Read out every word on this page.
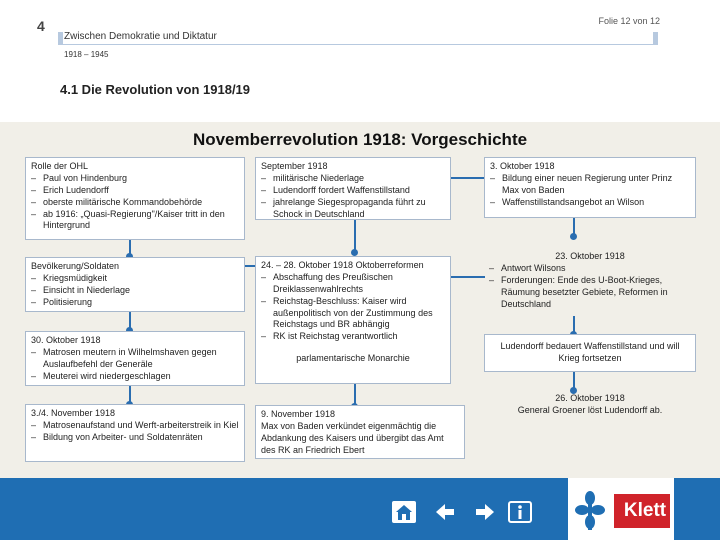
4	Folie 12 von 12
Zwischen Demokratie und Diktatur
1918 – 1945
4.1 Die Revolution von 1918/19
Novemberrevolution 1918: Vorgeschichte
Rolle der OHL
– Paul von Hindenburg
– Erich Ludendorff
– oberste militärische Kommandobehörde
– ab 1916: „Quasi-Regierung"/Kaiser tritt in den Hintergrund
September 1918
– militärische Niederlage
– Ludendorff fordert Waffenstillstand
– jahrelange Siegespropaganda führt zu Schock in Deutschland
3. Oktober 1918
– Bildung einer neuen Regierung unter Prinz Max von Baden
– Waffenstillstandsangebot an Wilson
Bevölkerung/Soldaten
– Kriegsmüdigkeit
– Einsicht in Niederlage
– Politisierung
24. – 28. Oktober 1918 Oktoberreformen
– Abschaffung des Preußischen Dreiklassenwahlrechts
– Reichstag-Beschluss: Kaiser wird außenpolitisch von der Zustimmung des Reichstags und BR abhängig
– RK ist Reichstag verantwortlich
parlamentarische Monarchie
23. Oktober 1918
– Antwort Wilsons
– Forderungen: Ende des U-Boot-Krieges, Räumung besetzter Gebiete, Reformen in Deutschland
Ludendorff bedauert Waffenstillstand und will Krieg fortsetzen
30. Oktober 1918
– Matrosen meutern in Wilhelmshaven gegen Auslaufbefehl der Generäle
– Meuterei wird niedergeschlagen
26. Oktober 1918
General Groener löst Ludendorff ab.
3./4. November 1918
– Matrosenaufstand und Werft-arbeiterstreik in Kiel
– Bildung von Arbeiter- und Soldatenräten
9. November 1918
Max von Baden verkündet eigenmächtig die Abdankung des Kaisers und übergibt das Amt des RK an Friedrich Ebert
Klett
